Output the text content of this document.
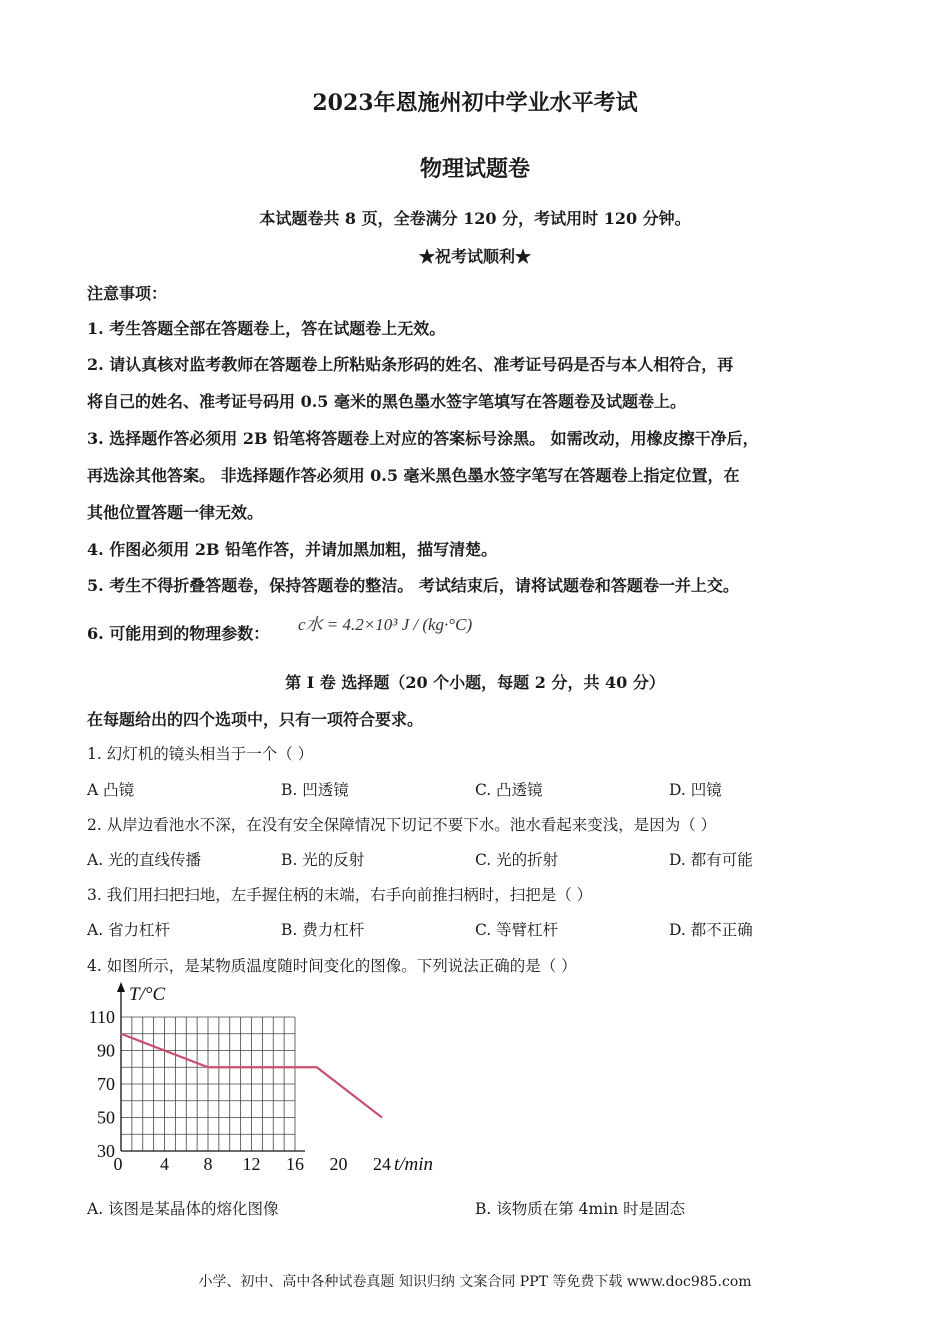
2023年恩施州初中学业水平考试
物理试题卷
本试题卷共 8 页，全卷满分 120 分，考试用时 120 分钟。
★祝考试顺利★
注意事项：
1. 考生答题全部在答题卷上，答在试题卷上无效。
2. 请认真核对监考教师在答题卷上所粘贴条形码的姓名、准考证号码是否与本人相符合，再
将自己的姓名、准考证号码用 0.5 毫米的黑色墨水签字笔填写在答题卷及试题卷上。
3. 选择题作答必须用 2B 铅笔将答题卷上对应的答案标号涂黑。 如需改动，用橡皮擦干净后，
再选涂其他答案。 非选择题作答必须用 0.5 毫米黑色墨水签字笔写在答题卷上指定位置，在
其他位置答题一律无效。
4. 作图必须用 2B 铅笔作答，并请加黑加粗，描写清楚。
5. 考生不得折叠答题卷，保持答题卷的整洁。 考试结束后，请将试题卷和答题卷一并上交。
6. 可能用到的物理参数： c水 = 4.2×10³ J / (kg·°C)
第 I 卷 选择题（20 个小题，每题 2 分，共 40 分）
在每题给出的四个选项中，只有一项符合要求。
1. 幻灯机的镜头相当于一个（ ）
A 凸镜	B. 凹透镜	C. 凸透镜	D. 凹镜
2. 从岸边看池水不深，在没有安全保障情况下切记不要下水。池水看起来变浅，是因为（ ）
A. 光的直线传播	B. 光的反射	C. 光的折射	D. 都有可能
3. 我们用扫把扫地，左手握住柄的末端，右手向前推扫柄时，扫把是（ ）
A. 省力杠杆	B. 费力杠杆	C. 等臂杠杆	D. 都不正确
4. 如图所示，是某物质温度随时间变化的图像。下列说法正确的是（ ）
30
50
70
90
110
0 4 8 12 16 20 24
T/°C
t/min
A. 该图是某晶体的熔化图像	B. 该物质在第 4min 时是固态
小学、初中、高中各种试卷真题 知识归纳 文案合同 PPT 等免费下载 www.doc985.com
